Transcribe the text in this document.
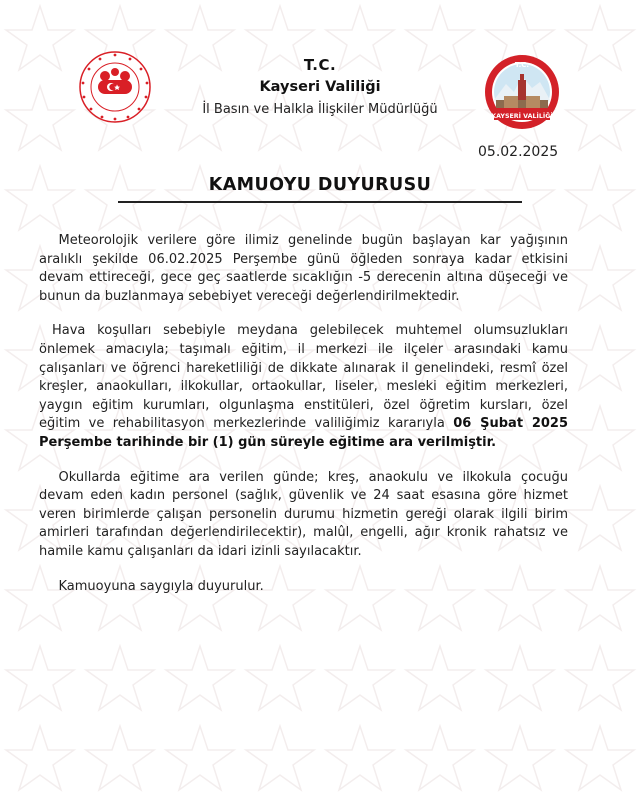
T.C.
KAYSERİ VALİLİĞİ
T.C.
Kayseri Valiliği
İl Basın ve Halkla İlişkiler Müdürlüğü
05.02.2025
KAMUOYU DUYURUSU

  Meteorolojik verilere göre ilimiz genelinde bugün başlayan kar yağışının aralıklı şekilde 06.02.2025 Perşembe günü öğleden sonraya kadar etkisini devam ettireceği, gece geç saatlerde sıcaklığın -5 derecenin altına düşeceği ve bunun da buzlanmaya sebebiyet vereceği değerlendirilmektedir.

 Hava koşulları sebebiyle meydana gelebilecek muhtemel olumsuzlukları önlemek amacıyla; taşımalı eğitim, il merkezi ile ilçeler arasındaki kamu çalışanları ve öğrenci hareketliliği de dikkate alınarak il genelindeki, resmî özel kreşler, anaokulları, ilkokullar, ortaokullar, liseler, mesleki eğitim merkezleri, yaygın eğitim kurumları, olgunlaşma enstitüleri, özel öğretim kursları, özel eğitim ve rehabilitasyon merkezlerinde valiliğimiz kararıyla 06 Şubat 2025 Perşembe tarihinde bir (1) gün süreyle eğitime ara verilmiştir.

  Okullarda eğitime ara verilen günde; kreş, anaokulu ve ilkokula çocuğu devam eden kadın personel (sağlık, güvenlik ve 24 saat esasına göre hizmet veren birimlerde çalışan personelin durumu hizmetin gereği olarak ilgili birim amirleri tarafından değerlendirilecektir), malûl, engelli, ağır kronik rahatsız ve hamile kamu çalışanları da idari izinli sayılacaktır.

  Kamuoyuna saygıyla duyurulur.
